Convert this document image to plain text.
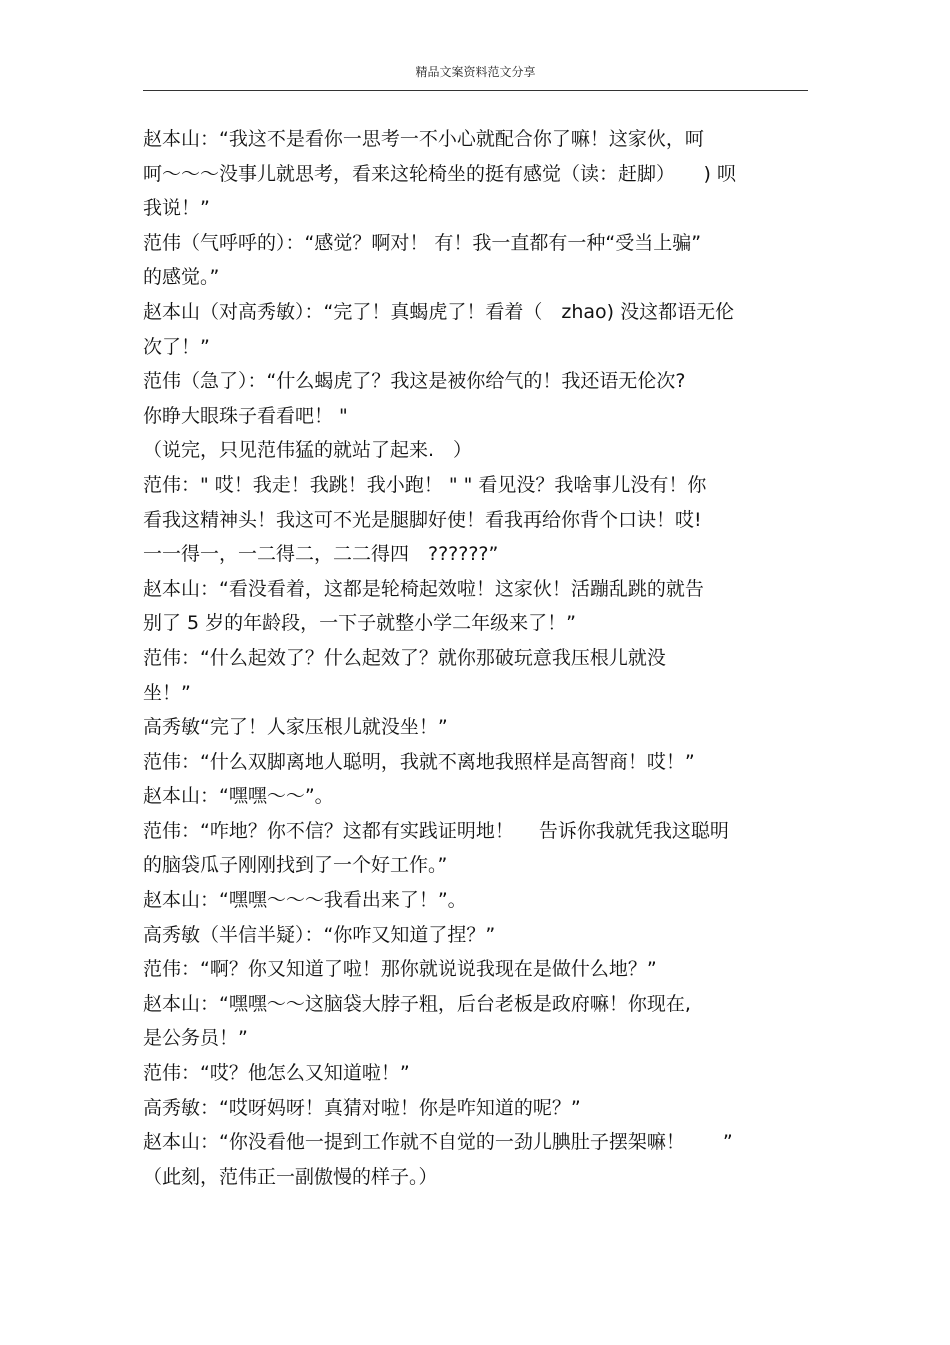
精品文案资料范文分享
赵本山：“我这不是看你一思考一不小心就配合你了嘛！这家伙，呵
呵～～～没事儿就思考，看来这轮椅坐的挺有感觉（读：赶脚）　　) 呗
我说！”
范伟（气呼呼的）：“感觉？啊对！ 有！我一直都有一种“受当上骗”
的感觉。”
赵本山（对高秀敏）：“完了！真蝎虎了！看着（　zhao) 没这都语无伦
次了！”
范伟（急了）：“什么蝎虎了？我这是被你给气的！我还语无伦次?
你睁大眼珠子看看吧！ "
（说完，只见范伟猛的就站了起来.　）
范伟：" 哎！我走！我跳！我小跑！ " " 看见没？我啥事儿没有！你
看我这精神头！我这可不光是腿脚好使！看我再给你背个口诀！哎!
一一得一，一二得二，二二得四　??????”
赵本山：“看没看着，这都是轮椅起效啦！这家伙！活蹦乱跳的就告
别了 5 岁的年龄段，一下子就整小学二年级来了！”
范伟：“什么起效了？什么起效了？就你那破玩意我压根儿就没
坐！”
高秀敏“完了！人家压根儿就没坐！”
范伟：“什么双脚离地人聪明，我就不离地我照样是高智商！哎！”
赵本山：“嘿嘿～～”。
范伟：“咋地？你不信？这都有实践证明地！　 告诉你我就凭我这聪明
的脑袋瓜子刚刚找到了一个好工作。”
赵本山：“嘿嘿～～～我看出来了！”。
高秀敏（半信半疑）：“你咋又知道了捏？”
范伟：“啊？你又知道了啦！那你就说说我现在是做什么地？”
赵本山：“嘿嘿～～这脑袋大脖子粗，后台老板是政府嘛！你现在,
是公务员！”
范伟：“哎？他怎么又知道啦！”
高秀敏：“哎呀妈呀！真猜对啦！你是咋知道的呢？”
赵本山：“你没看他一提到工作就不自觉的一劲儿腆肚子摆架嘛！　　”
（此刻，范伟正一副傲慢的样子。）
